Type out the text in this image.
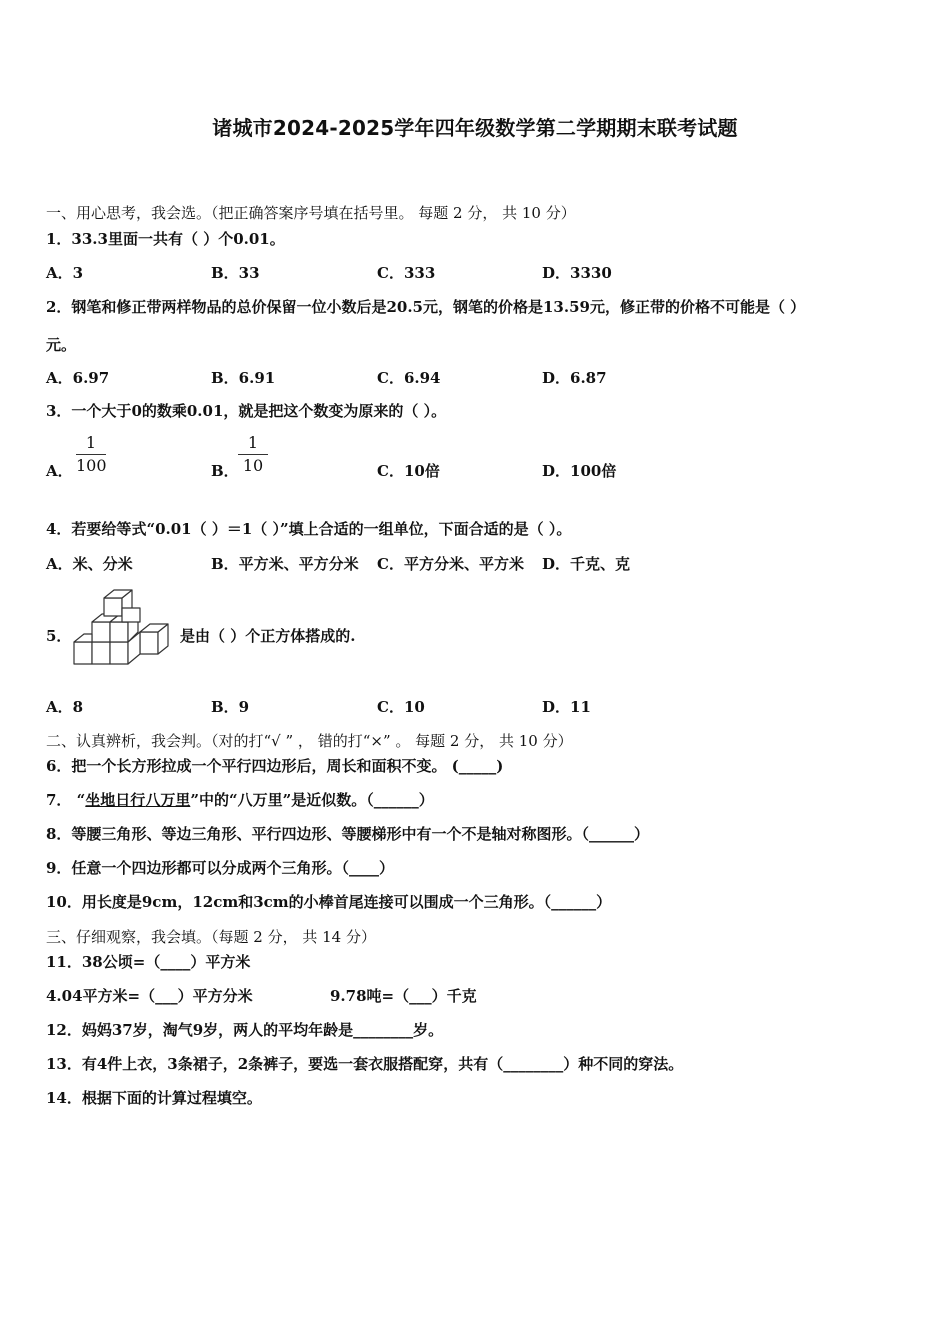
诸城市2024-2025学年四年级数学第二学期期末联考试题
一、用心思考，我会选。（把正确答案序号填在括号里。 每题 2 分， 共 10 分）
1．33.3里面一共有（ ）个0.01。
A．3	B．33	C．333	D．3330
2．钢笔和修正带两样物品的总价保留一位小数后是20.5元，钢笔的价格是13.59元，修正带的价格不可能是（ ）
元。
A．6.97	B．6.91	C．6.94	D．6.87
3．一个大于0的数乘0.01，就是把这个数变为原来的（ ）。
A．
1
100	B．
1
10	C．10倍	D．100倍
4．若要给等式“0.01（ ）＝1（ ）”填上合适的一组单位，下面合适的是（ ）。
A．米、分米	B．平方米、平方分米 C．平方分米、平方米 D．千克、克
5．	是由（ ）个正方体搭成的.
A．8	B．9	C．10	D．11
二、认真辨析，我会判。（对的打“√ ” ， 错的打“×” 。 每题 2 分， 共 10 分）
6．把一个长方形拉成一个平行四边形后，周长和面积不变。 (_____)
7． “坐地日行八万里”中的“八万里”是近似数。（______）
8．等腰三角形、等边三角形、平行四边形、等腰梯形中有一个不是轴对称图形。（______）
9．任意一个四边形都可以分成两个三角形。（____）
10．用长度是9cm，12cm和3cm的小棒首尾连接可以围成一个三角形。（______）
三、仔细观察，我会填。（每题 2 分， 共 14 分）
11．38公顷=（____）平方米
4.04平方米=（___）平方分米	9.78吨=（___）千克
12．妈妈37岁，淘气9岁，两人的平均年龄是________岁。
13．有4件上衣，3条裙子，2条裤子，要选一套衣服搭配穿，共有（________）种不同的穿法。
14．根据下面的计算过程填空。
